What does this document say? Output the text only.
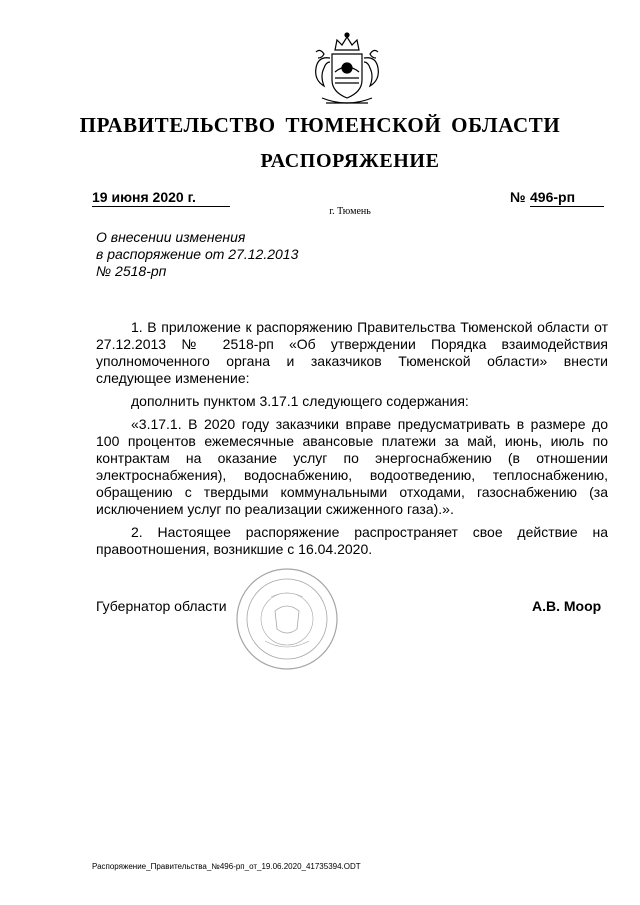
ПРАВИТЕЛЬСТВО ТЮМЕНСКОЙ ОБЛАСТИ
РАСПОРЯЖЕНИЕ
19 июня 2020 г.	№ 496-рп
г. Тюмень
О внесении изменения
в распоряжение от 27.12.2013
№ 2518-рп

1. В приложение к распоряжению Правительства Тюменской области от 27.12.2013 № 2518-рп «Об утверждении Порядка взаимодействия уполномоченного органа и заказчиков Тюменской области» внести следующее изменение:

дополнить пунктом 3.17.1 следующего содержания:

«3.17.1. В 2020 году заказчики вправе предусматривать в размере до 100 процентов ежемесячные авансовые платежи за май, июнь, июль по контрактам на оказание услуг по энергоснабжению (в отношении электроснабжения), водоснабжению, водоотведению, теплоснабжению, обращению с твердыми коммунальными отходами, газоснабжению (за исключением услуг по реализации сжиженного газа).».

2. Настоящее распоряжение распространяет свое действие на правоотношения, возникшие с 16.04.2020.

Губернатор области	А.В. Моор
Распоряжение_Правительства_№496-рп_от_19.06.2020_41735394.ODT
